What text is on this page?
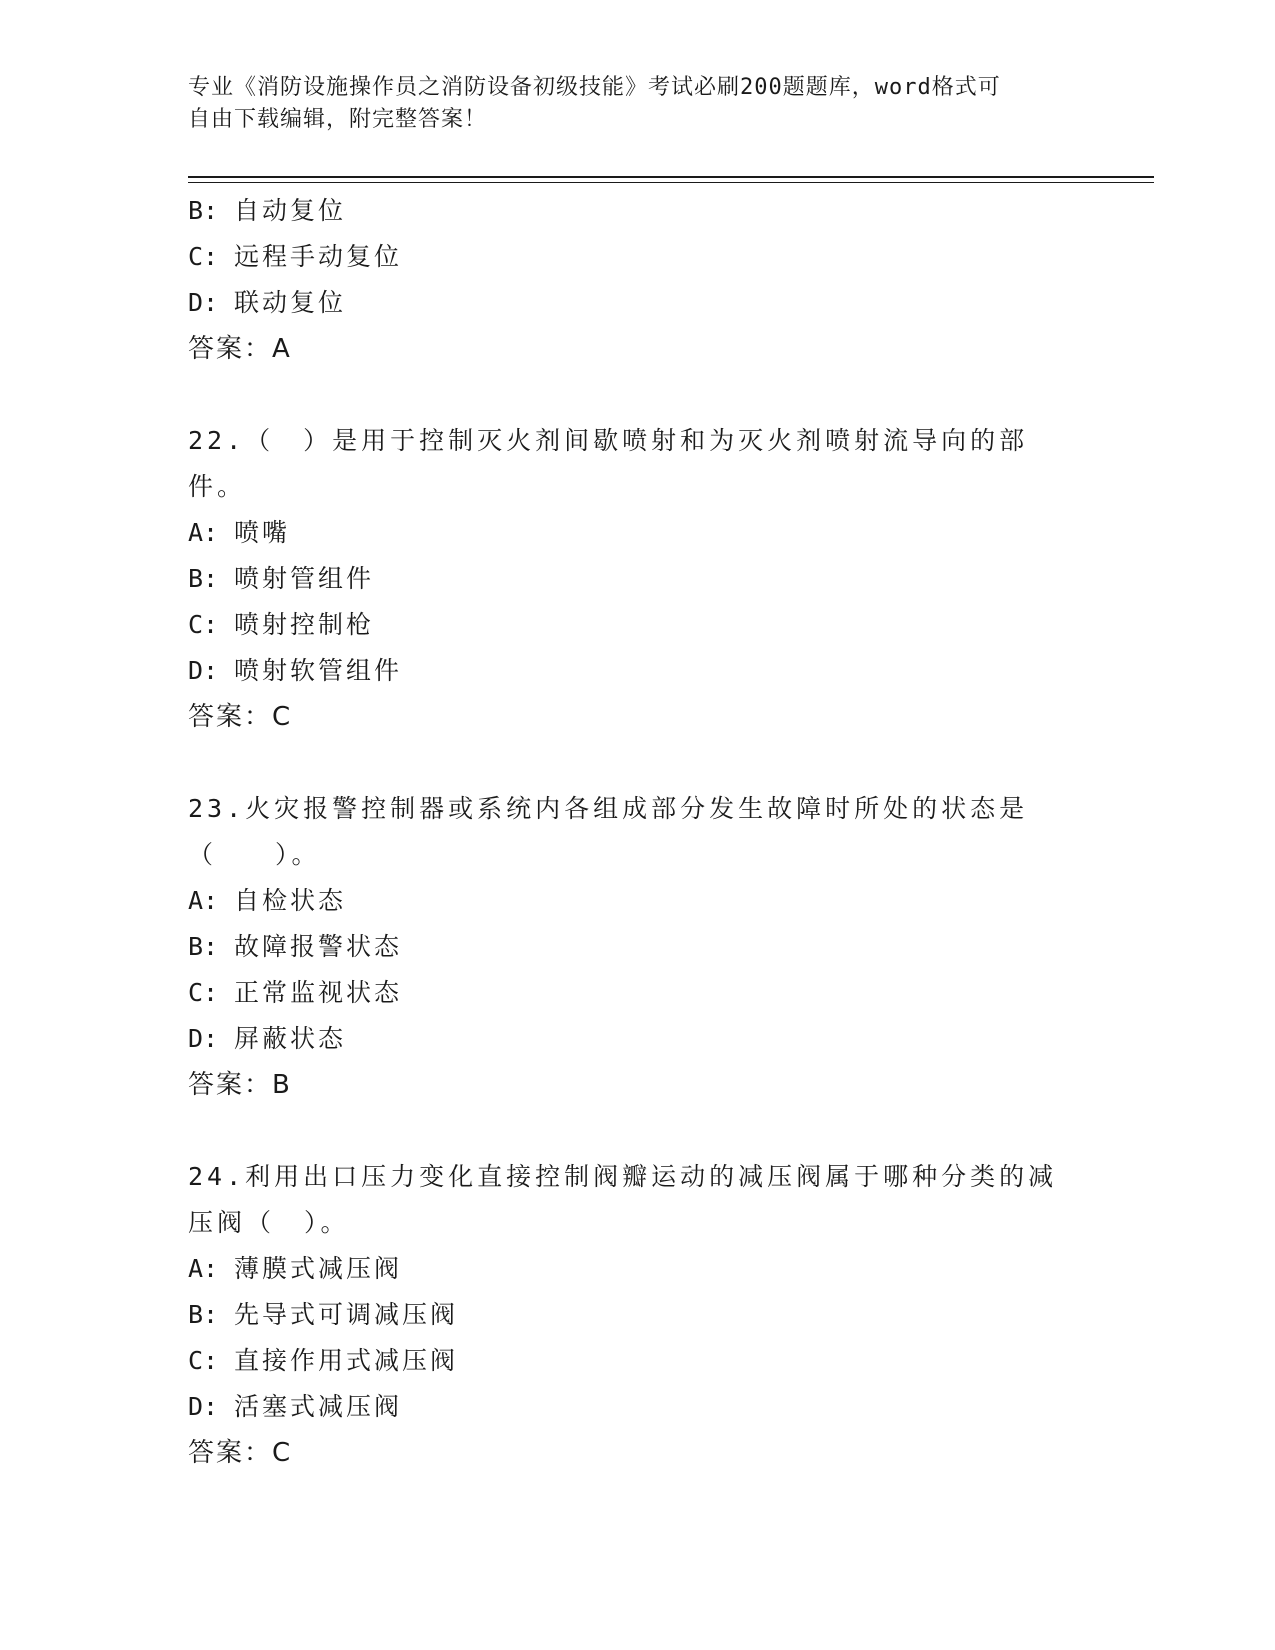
专业《消防设施操作员之消防设备初级技能》考试必刷200题题库，word格式可
自由下载编辑，附完整答案！
B: 自动复位
C: 远程手动复位
D: 联动复位
答案：A
22.（　）是用于控制灭火剂间歇喷射和为灭火剂喷射流导向的部件。
A: 喷嘴
B: 喷射管组件
C: 喷射控制枪
D: 喷射软管组件
答案：C
23.火灾报警控制器或系统内各组成部分发生故障时所处的状态是（　　）。
A: 自检状态
B: 故障报警状态
C: 正常监视状态
D: 屏蔽状态
答案：B
24.利用出口压力变化直接控制阀瓣运动的减压阀属于哪种分类的减压阀（　）。
A: 薄膜式减压阀
B: 先导式可调减压阀
C: 直接作用式减压阀
D: 活塞式减压阀
答案：C
